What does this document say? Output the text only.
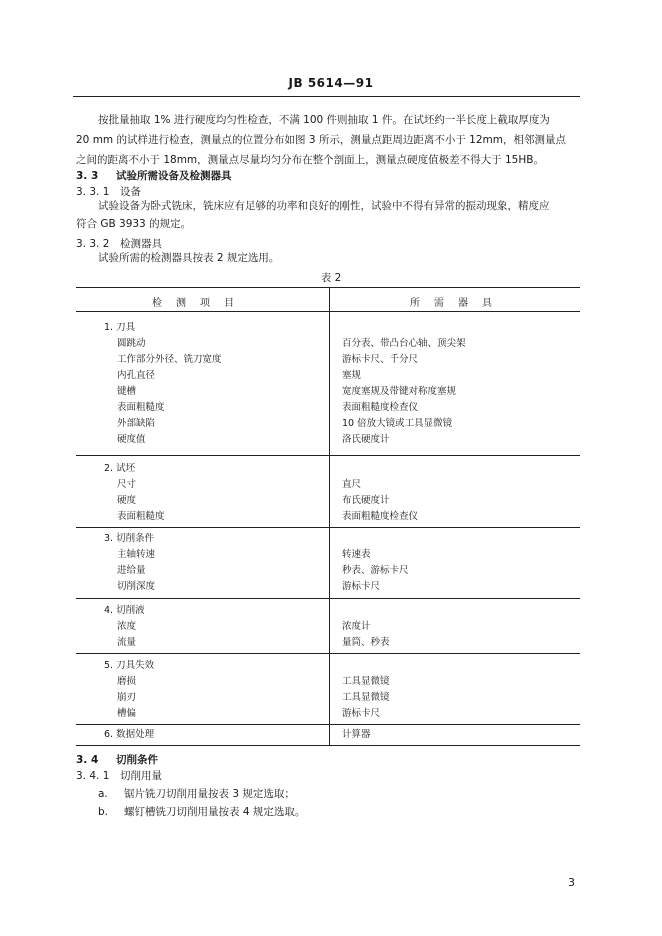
JB 5614—91
按批量抽取 1% 进行硬度均匀性检查，不满 100 件则抽取 1 件。在试坯约一半长度上截取厚度为
20 mm 的试样进行检查，测量点的位置分布如图 3 所示，测量点距周边距离不小于 12mm，相邻测量点
之间的距离不小于 18mm，测量点尽量均匀分布在整个剖面上，测量点硬度值极差不得大于 15HB。
3. 3 试验所需设备及检测器具
3. 3. 1 设备
试验设备为卧式铣床，铣床应有足够的功率和良好的刚性，试验中不得有异常的振动现象，精度应
符合 GB 3933 的规定。
3. 3. 2 检测器具
试验所需的检测器具按表 2 规定选用。
表 2
检测项目	所需器具
1. 刀具
圆跳动	百分表、带凸台心轴、顶尖架
工作部分外径、铣刀宽度	游标卡尺、千分尺
内孔直径	塞规
键槽	宽度塞规及带键对称度塞规
表面粗糙度	表面粗糙度检查仪
外部缺陷	10 倍放大镜或工具显微镜
硬度值	洛氏硬度计
2. 试坯
尺寸	直尺
硬度	布氏硬度计
表面粗糙度	表面粗糙度检查仪
3. 切削条件
主轴转速	转速表
进给量	秒表、游标卡尺
切削深度	游标卡尺
4. 切削液
浓度	浓度计
流量	量筒、秒表
5. 刀具失效
磨损	工具显微镜
崩刃	工具显微镜
槽偏	游标卡尺
6. 数据处理	计算器
3. 4 切削条件
3. 4. 1 切削用量
a. 锯片铣刀切削用量按表 3 规定选取；
b. 螺钉槽铣刀切削用量按表 4 规定选取。
3
